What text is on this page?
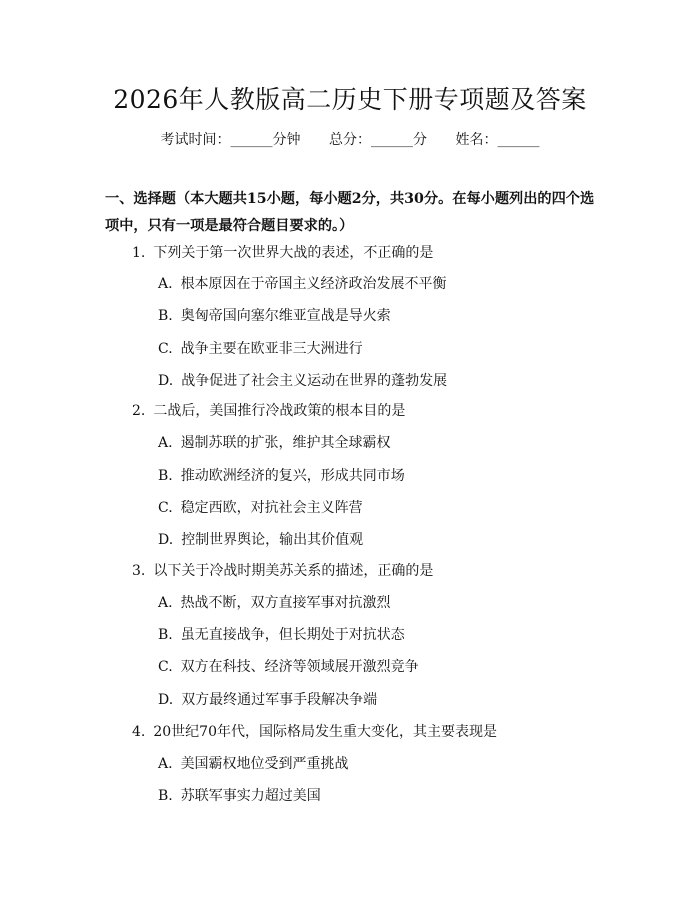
2026年人教版高二历史下册专项题及答案
考试时间：______分钟 总分：______分 姓名：______

一、选择题（本大题共15小题，每小题2分，共30分。在每小题列出的四个选项中，只有一项是最符合题目要求的。）

1. 下列关于第一次世界大战的表述，不正确的是
A. 根本原因在于帝国主义经济政治发展不平衡
B. 奥匈帝国向塞尔维亚宣战是导火索
C. 战争主要在欧亚非三大洲进行
D. 战争促进了社会主义运动在世界的蓬勃发展
2. 二战后，美国推行冷战政策的根本目的是
A. 遏制苏联的扩张，维护其全球霸权
B. 推动欧洲经济的复兴，形成共同市场
C. 稳定西欧，对抗社会主义阵营
D. 控制世界舆论，输出其价值观
3. 以下关于冷战时期美苏关系的描述，正确的是
A. 热战不断，双方直接军事对抗激烈
B. 虽无直接战争，但长期处于对抗状态
C. 双方在科技、经济等领域展开激烈竞争
D. 双方最终通过军事手段解决争端
4. 20世纪70年代，国际格局发生重大变化，其主要表现是
A. 美国霸权地位受到严重挑战
B. 苏联军事实力超过美国
